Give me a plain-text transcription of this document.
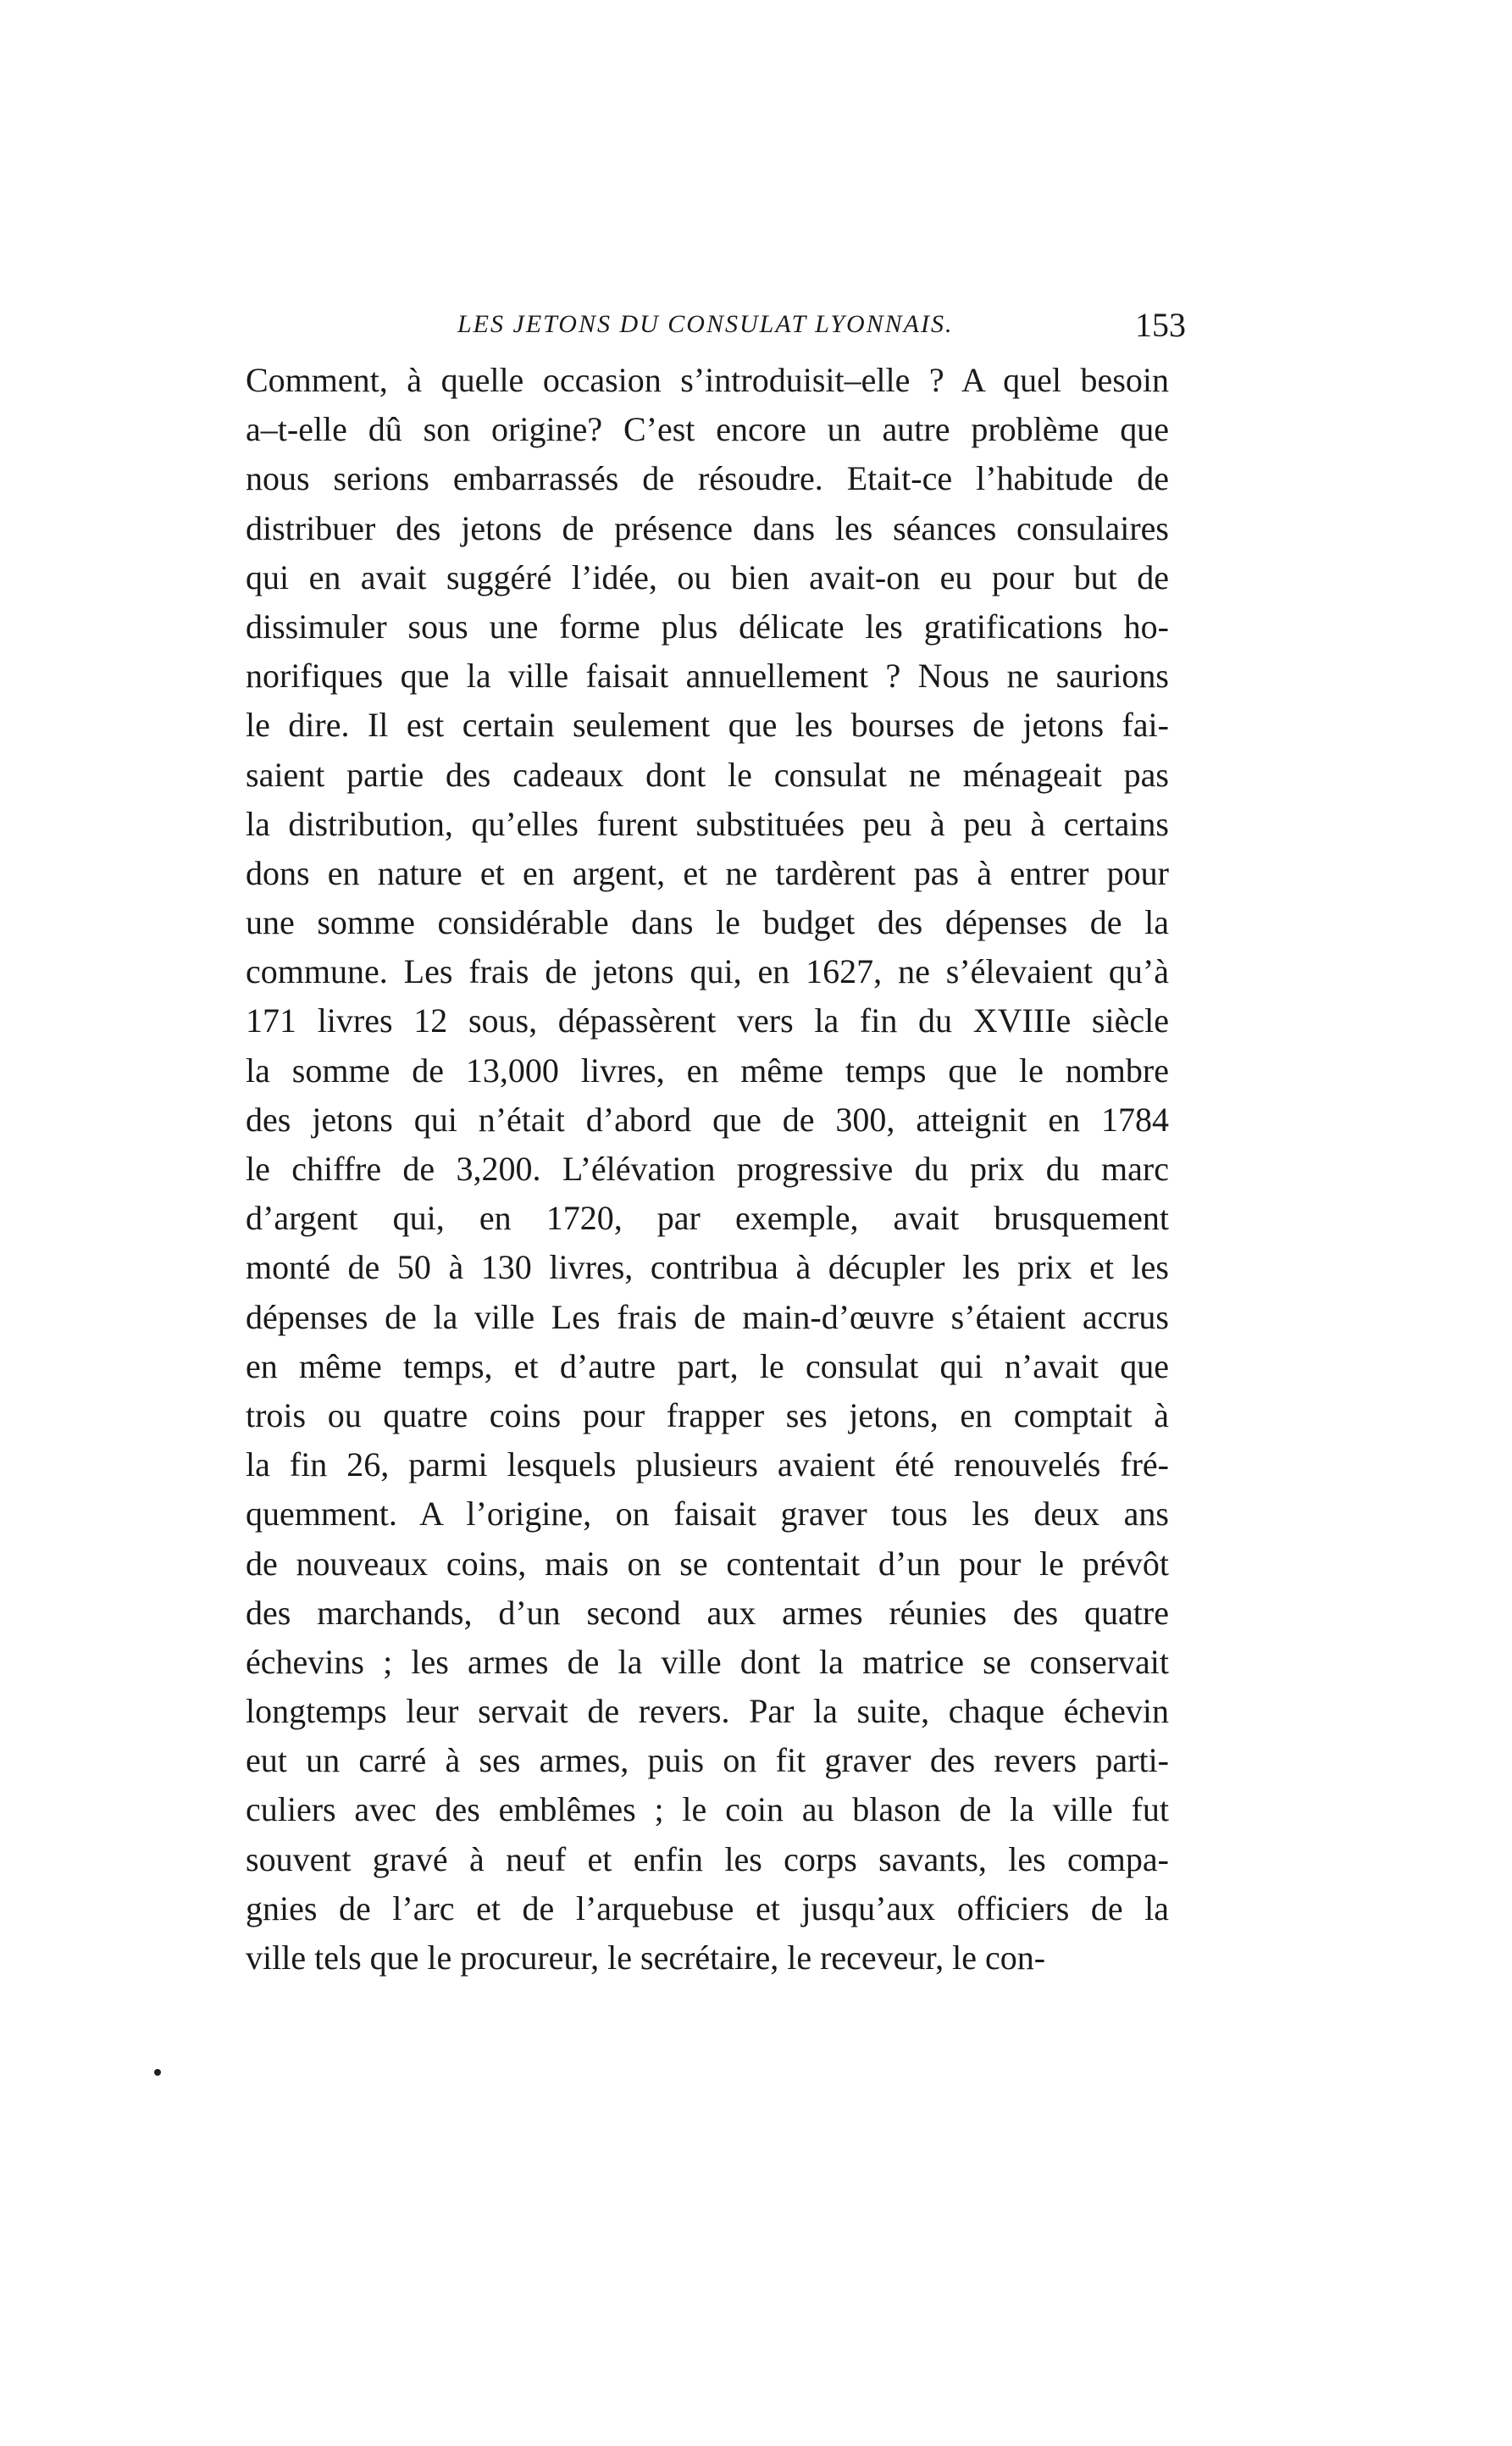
LES JETONS DU CONSULAT LYONNAIS.	153
Comment, à quelle occasion s’introduisit–elle ? A quel besoin
a–t-elle dû son origine? C’est encore un autre problème que
nous serions embarrassés de résoudre. Etait-ce l’habitude de
distribuer des jetons de présence dans les séances consulaires
qui en avait suggéré l’idée, ou bien avait-on eu pour but de
dissimuler sous une forme plus délicate les gratifications ho-
norifiques que la ville faisait annuellement ? Nous ne saurions
le dire. Il est certain seulement que les bourses de jetons fai-
saient partie des cadeaux dont le consulat ne ménageait pas
la distribution, qu’elles furent substituées peu à peu à certains
dons en nature et en argent, et ne tardèrent pas à entrer pour
une somme considérable dans le budget des dépenses de la
commune. Les frais de jetons qui, en 1627, ne s’élevaient qu’à
171 livres 12 sous, dépassèrent vers la fin du XVIIIe siècle
la somme de 13,000 livres, en même temps que le nombre
des jetons qui n’était d’abord que de 300, atteignit en 1784
le chiffre de 3,200. L’élévation progressive du prix du marc
d’argent qui, en 1720, par exemple, avait brusquement
monté de 50 à 130 livres, contribua à décupler les prix et les
dépenses de la ville Les frais de main-d’œuvre s’étaient accrus
en même temps, et d’autre part, le consulat qui n’avait que
trois ou quatre coins pour frapper ses jetons, en comptait à
la fin 26, parmi lesquels plusieurs avaient été renouvelés fré-
quemment. A l’origine, on faisait graver tous les deux ans
de nouveaux coins, mais on se contentait d’un pour le prévôt
des marchands, d’un second aux armes réunies des quatre
échevins ; les armes de la ville dont la matrice se conservait
longtemps leur servait de revers. Par la suite, chaque échevin
eut un carré à ses armes, puis on fit graver des revers parti-
culiers avec des emblêmes ; le coin au blason de la ville fut
souvent gravé à neuf et enfin les corps savants, les compa-
gnies de l’arc et de l’arquebuse et jusqu’aux officiers de la
ville tels que le procureur, le secrétaire, le receveur, le con-
